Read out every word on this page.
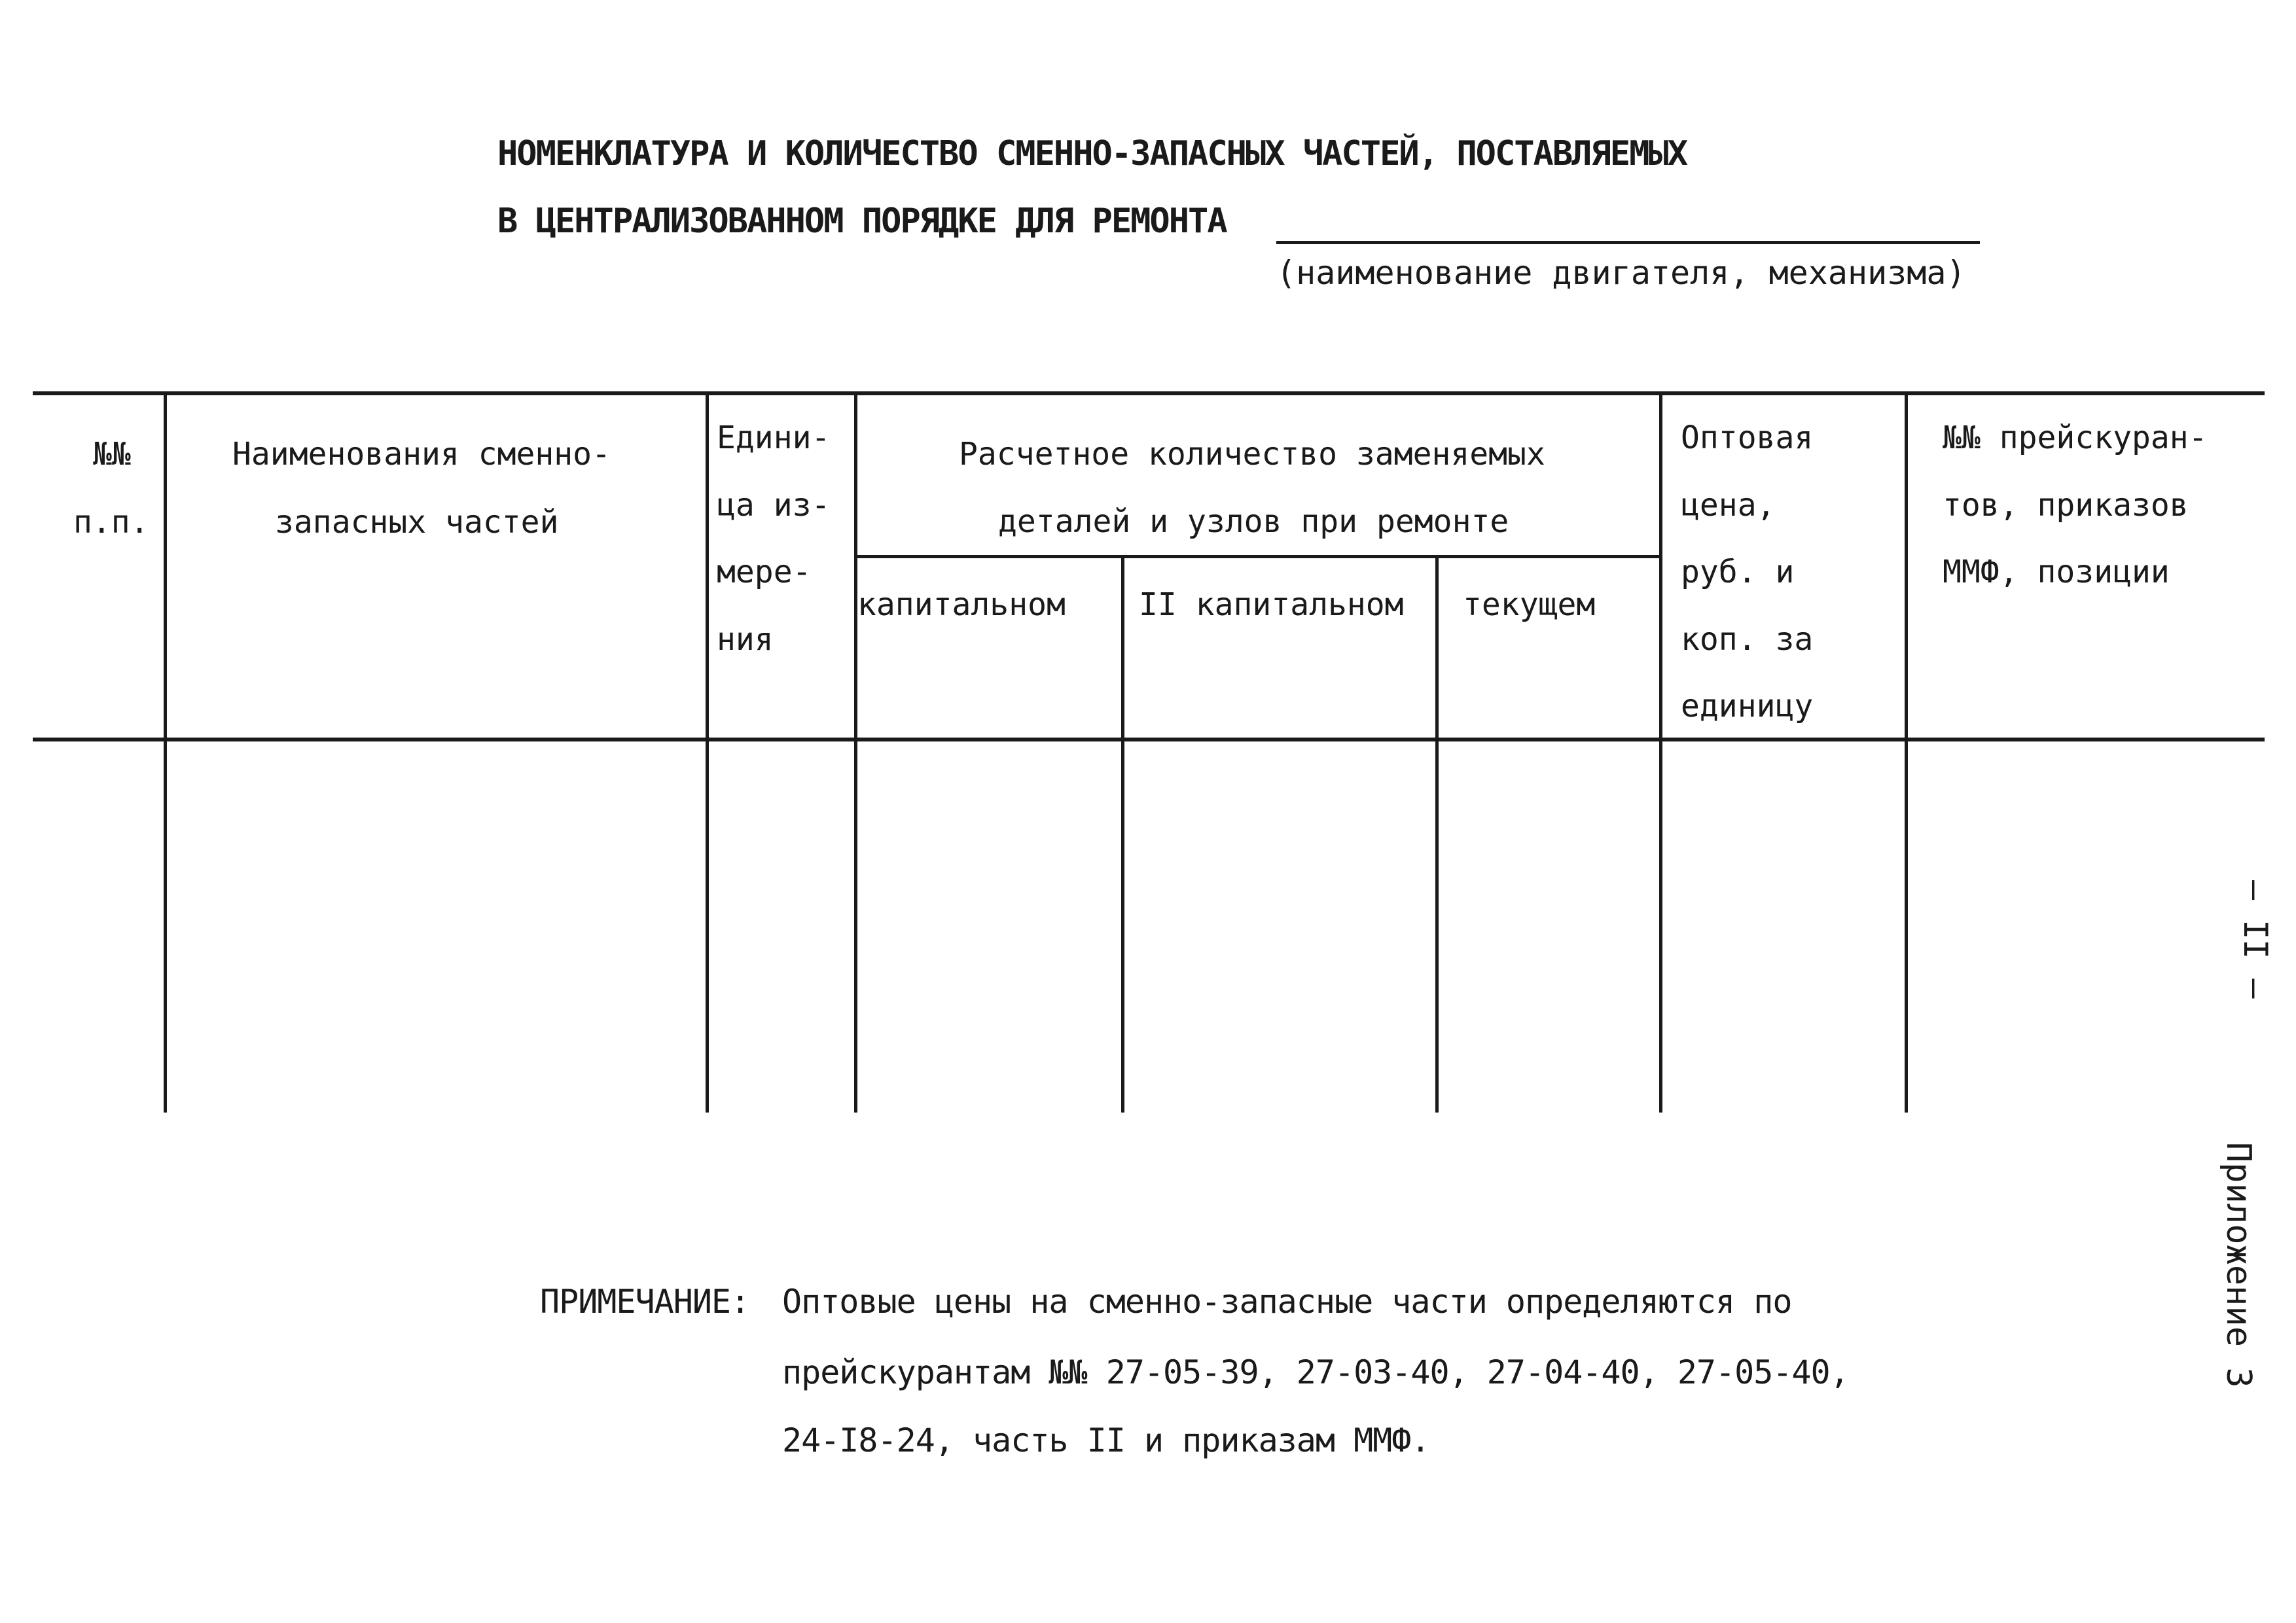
НОМЕНКЛАТУРА И КОЛИЧЕСТВО СМЕННО-ЗАПАСНЫХ ЧАСТЕЙ, ПОСТАВЛЯЕМЫХ
В ЦЕНТРАЛИЗОВАННОМ ПОРЯДКЕ ДЛЯ РЕМОНТА
(наименование двигателя, механизма)
№№
п.п.
Наименования сменно-
запасных частей
Едини-
ца из-
мере-
ния
Расчетное количество заменяемых
деталей и узлов при ремонте
капитальном II капитальном текущем
Оптовая
цена,
руб. и
коп. за
единицу
№№ прейскуран-
тов, приказов
ММФ, позиции
ПРИМЕЧАНИЕ: Оптовые цены на сменно-запасные части определяются по
прейскурантам №№ 27-05-39, 27-03-40, 27-04-40, 27-05-40,
24-I8-24, часть II и приказам ММФ.
– II –
Приложение 3
